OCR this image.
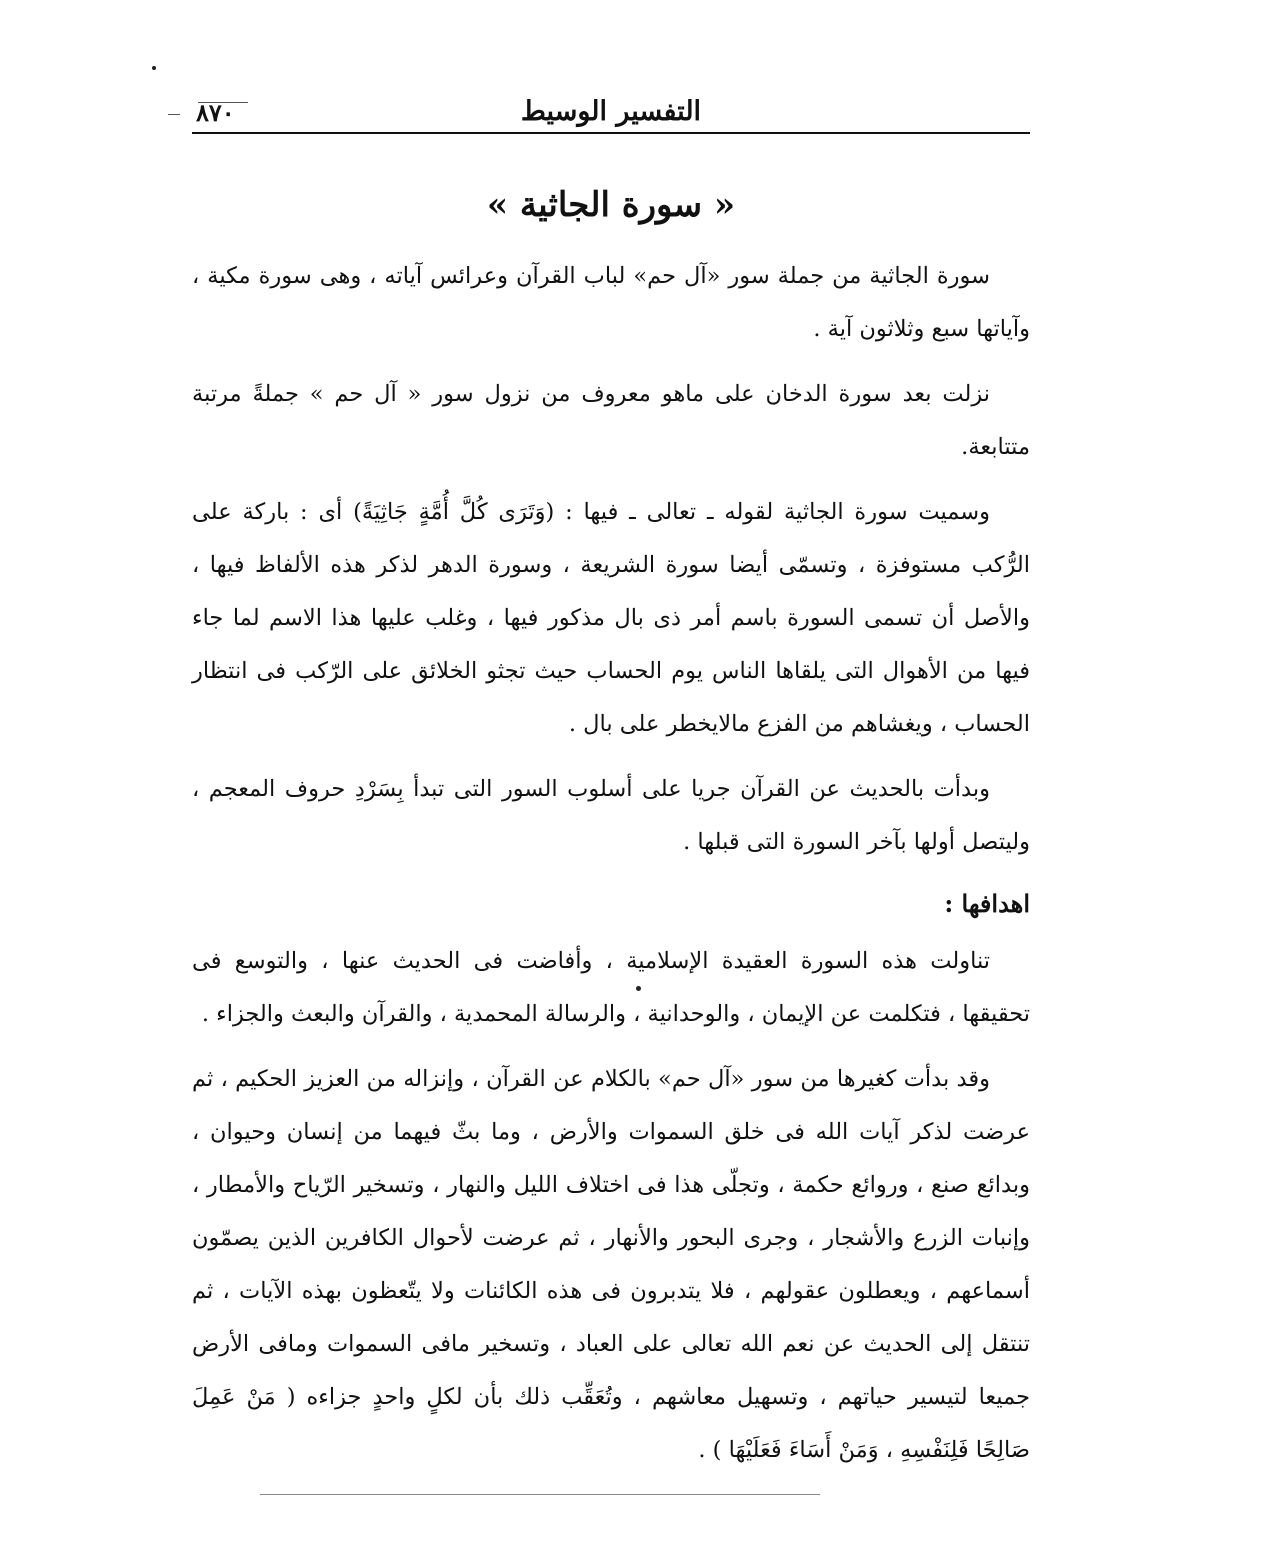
التفسير الوسيط
٨٧٠
« سورة الجاثية »

سورة الجاثية من جملة سور «آل حم» لباب القرآن وعرائس آياته ، وهى سورة مكية ، وآياتها سبع وثلاثون آية .

نزلت بعد سورة الدخان على ماهو معروف من نزول سور « آل حم » جملةً مرتبة متتابعة.

وسميت سورة الجاثية لقوله ـ تعالى ـ فيها : (وَتَرَى كُلَّ أُمَّةٍ جَاثِيَةً) أى : باركة على الرُّكب مستوفزة ، وتسمّى أيضا سورة الشريعة ، وسورة الدهر لذكر هذه الألفاظ فيها ، والأصل أن تسمى السورة باسم أمر ذى بال مذكور فيها ، وغلب عليها هذا الاسم لما جاء فيها من الأهوال التى يلقاها الناس يوم الحساب حيث تجثو الخلائق على الرّكب فى انتظار الحساب ، ويغشاهم من الفزع مالايخطر على بال .

وبدأت بالحديث عن القرآن جريا على أسلوب السور التى تبدأ بِسَرْدِ حروف المعجم ، وليتصل أولها بآخر السورة التى قبلها .

اهدافها :

تناولت هذه السورة العقيدة الإسلامية ، وأفاضت فى الحديث عنها ، والتوسع فى تحقيقها ، فتكلمت عن الإيمان ، والوحدانية ، والرسالة المحمدية ، والقرآن والبعث والجزاء .

وقد بدأت كغيرها من سور «آل حم» بالكلام عن القرآن ، وإنزاله من العزيز الحكيم ، ثم عرضت لذكر آيات الله فى خلق السموات والأرض ، وما بثّ فيهما من إنسان وحيوان ، وبدائع صنع ، وروائع حكمة ، وتجلّى هذا فى اختلاف الليل والنهار ، وتسخير الرّياح والأمطار ، وإنبات الزرع والأشجار ، وجرى البحور والأنهار ، ثم عرضت لأحوال الكافرين الذين يصمّون أسماعهم ، ويعطلون عقولهم ، فلا يتدبرون فى هذه الكائنات ولا يتّعظون بهذه الآيات ، ثم تنتقل إلى الحديث عن نعم الله تعالى على العباد ، وتسخير مافى السموات ومافى الأرض جميعا لتيسير حياتهم ، وتسهيل معاشهم ، وتُعَقِّب ذلك بأن لكلٍ واحدٍ جزاءه ( مَنْ عَمِلَ صَالِحًا فَلِنَفْسِهِ ، وَمَنْ أَسَاءَ فَعَلَيْهَا ) .
